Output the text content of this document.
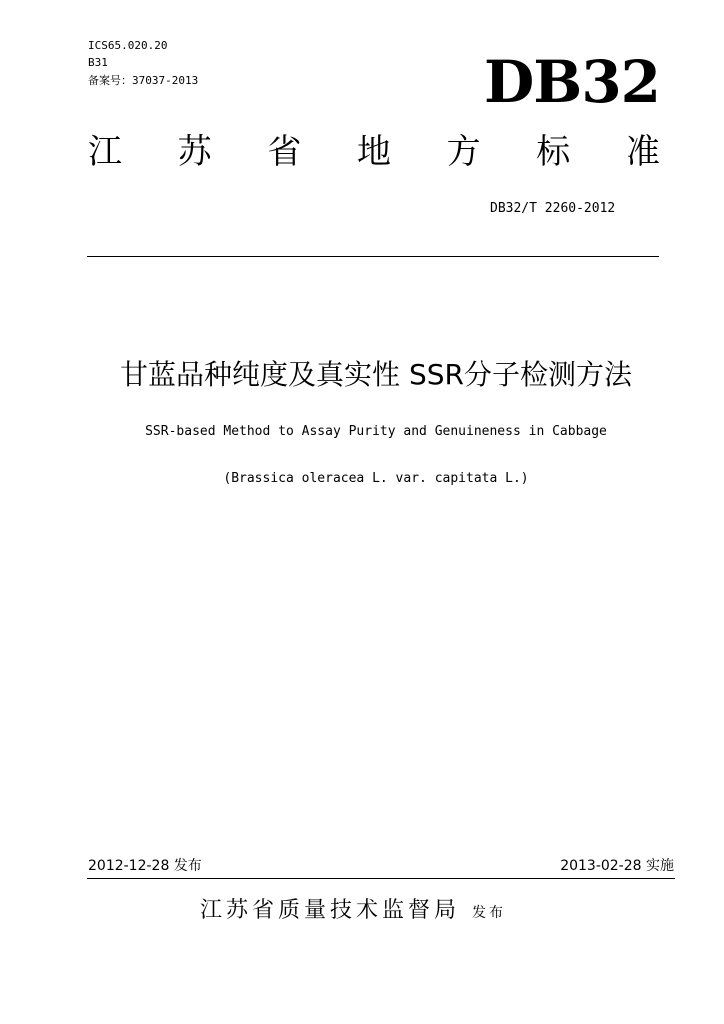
ICS65.020.20
B31
备案号：37037-2013	DB32
江 苏 省 地 方 标 准
DB32/T 2260-2012
甘蓝品种纯度及真实性 SSR分子检测方法
SSR-based Method to Assay Purity and Genuineness in Cabbage
(Brassica oleracea L. var. capitata L.)
2012-12-28 发布	2013-02-28 实施
江苏省质量技术监督局 发布
